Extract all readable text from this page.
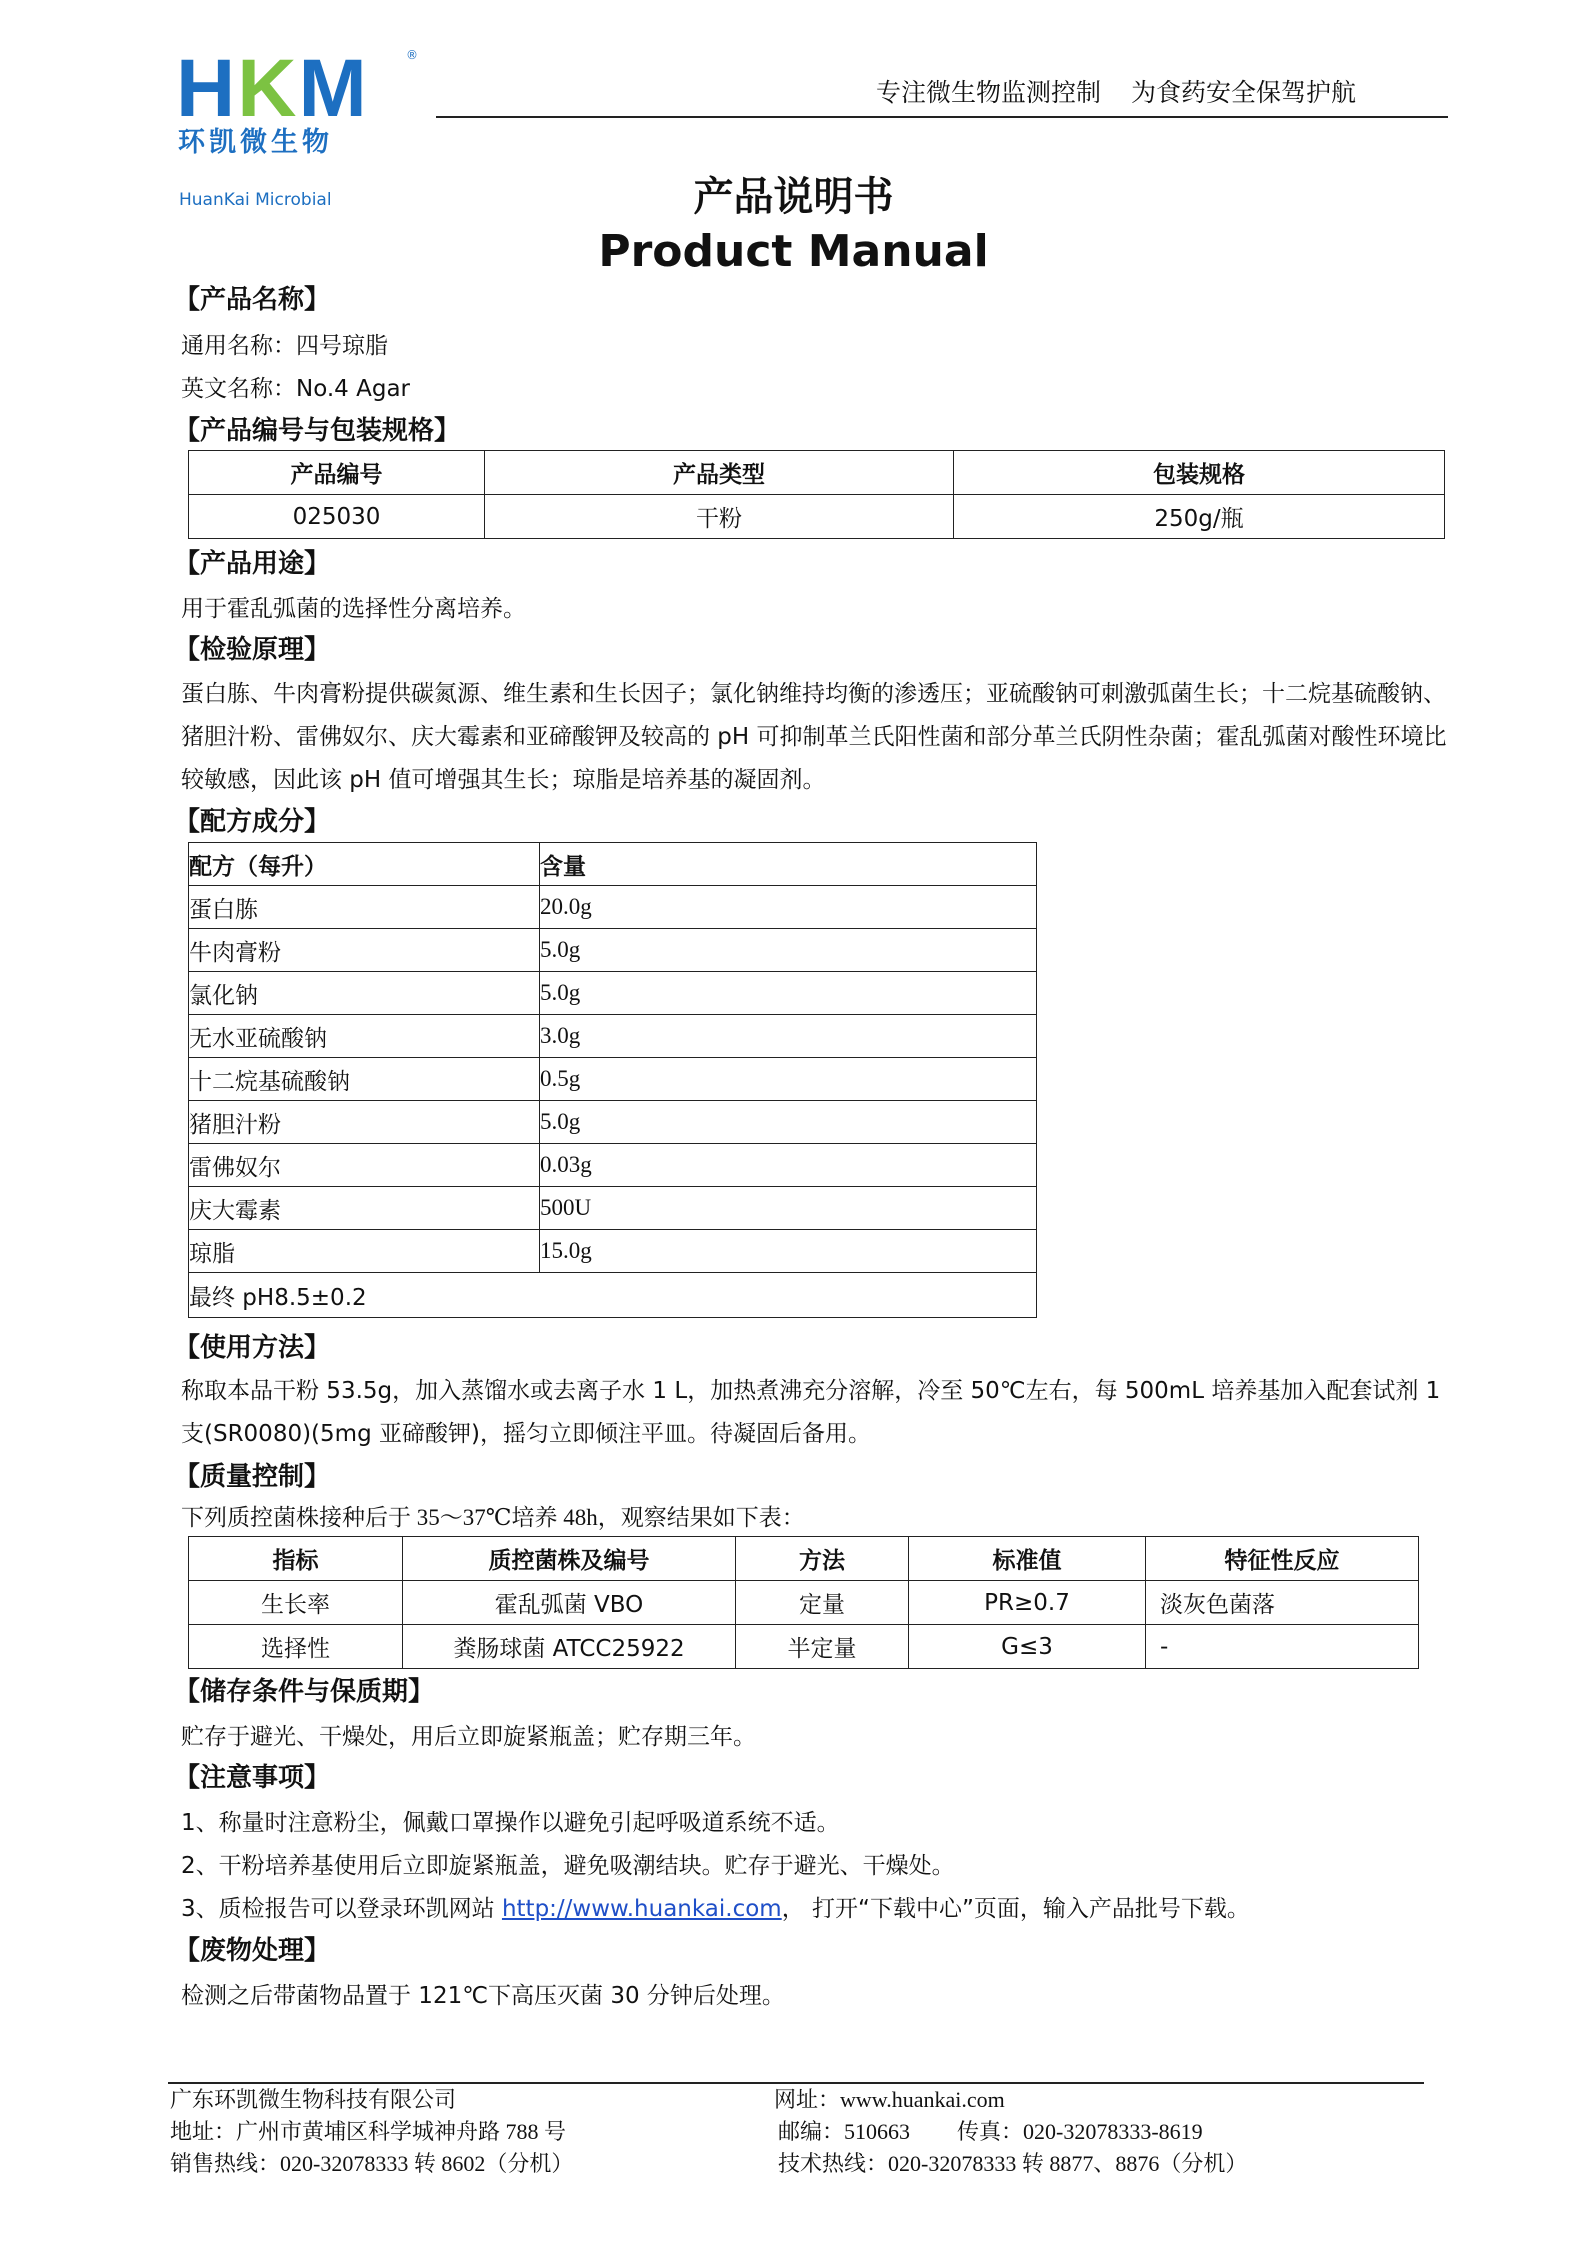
HKM
环凯微生物
HuanKai Microbial
®
专注微生物监测控制 为食药安全保驾护航
产品说明书
Product Manual
【产品名称】
通用名称：四号琼脂
英文名称：No.4 Agar
【产品编号与包装规格】
产品编号	产品类型	包装规格
025030	干粉	250g/瓶
【产品用途】
用于霍乱弧菌的选择性分离培养。
【检验原理】
蛋白胨、牛肉膏粉提供碳氮源、维生素和生长因子；氯化钠维持均衡的渗透压；亚硫酸钠可刺激弧菌生长；十二烷基硫酸钠、猪胆汁粉、雷佛奴尔、庆大霉素和亚碲酸钾及较高的 pH 可抑制革兰氏阳性菌和部分革兰氏阴性杂菌；霍乱弧菌对酸性环境比较敏感，因此该 pH 值可增强其生长；琼脂是培养基的凝固剂。
【配方成分】
配方（每升）	含量
蛋白胨	20.0g
牛肉膏粉	5.0g
氯化钠	5.0g
无水亚硫酸钠	3.0g
十二烷基硫酸钠	0.5g
猪胆汁粉	5.0g
雷佛奴尔	0.03g
庆大霉素	500U
琼脂	15.0g
最终 pH8.5±0.2	
【使用方法】
称取本品干粉 53.5g，加入蒸馏水或去离子水 1 L，加热煮沸充分溶解，冷至 50℃左右，每 500mL 培养基加入配套试剂 1 支(SR0080)(5mg 亚碲酸钾)，摇匀立即倾注平皿。待凝固后备用。
【质量控制】
下列质控菌株接种后于 35～37℃培养 48h，观察结果如下表：
指标	质控菌株及编号	方法	标准值	特征性反应
生长率	霍乱弧菌 VBO	定量	PR≥0.7	淡灰色菌落
选择性	粪肠球菌 ATCC25922	半定量	G≤3	-
【储存条件与保质期】
贮存于避光、干燥处，用后立即旋紧瓶盖；贮存期三年。
【注意事项】
1、称量时注意粉尘，佩戴口罩操作以避免引起呼吸道系统不适。
2、干粉培养基使用后立即旋紧瓶盖，避免吸潮结块。贮存于避光、干燥处。
3、质检报告可以登录环凯网站 http://www.huankai.com， 打开“下载中心”页面，输入产品批号下载。
【废物处理】
检测之后带菌物品置于 121℃下高压灭菌 30 分钟后处理。
广东环凯微生物科技有限公司
地址：广州市黄埔区科学城神舟路 788 号
销售热线：020-32078333 转 8602（分机）
网址：www.huankai.com
邮编：510663 传真：020-32078333-8619
技术热线：020-32078333 转 8877、8876（分机）
